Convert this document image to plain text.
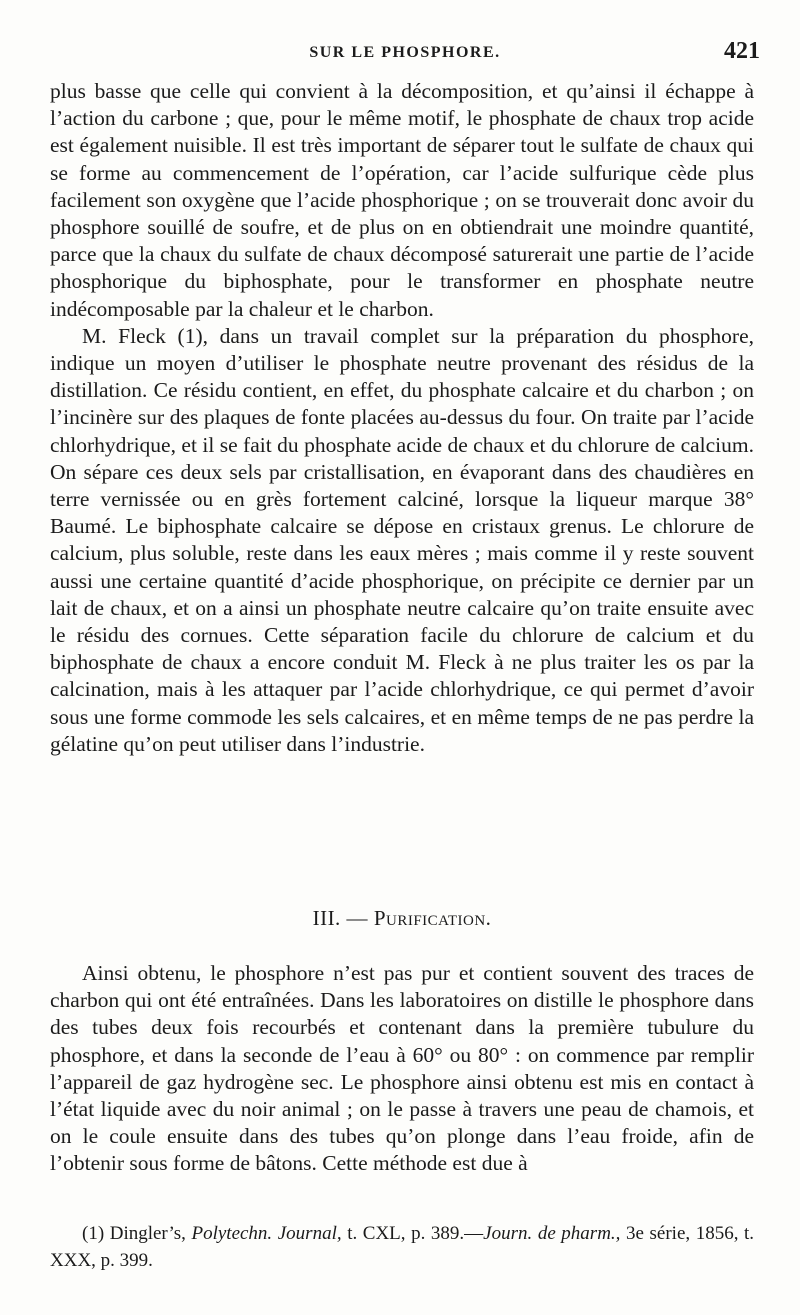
SUR LE PHOSPHORE.	421

plus basse que celle qui convient à la décomposition, et qu’ainsi il échappe à l’action du carbone ; que, pour le même motif, le phosphate de chaux trop acide est également nuisible. Il est très important de séparer tout le sulfate de chaux qui se forme au commencement de l’opération, car l’acide sulfurique cède plus facilement son oxygène que l’acide phosphorique ; on se trouverait donc avoir du phosphore souillé de soufre, et de plus on en obtiendrait une moindre quantité, parce que la chaux du sulfate de chaux décomposé saturerait une partie de l’acide phosphorique du biphosphate, pour le transformer en phosphate neutre indécomposable par la chaleur et le charbon.

M. Fleck (1), dans un travail complet sur la préparation du phosphore, indique un moyen d’utiliser le phosphate neutre provenant des résidus de la distillation. Ce résidu contient, en effet, du phosphate calcaire et du charbon ; on l’incinère sur des plaques de fonte placées au-dessus du four. On traite par l’acide chlorhydrique, et il se fait du phosphate acide de chaux et du chlorure de calcium. On sépare ces deux sels par cristallisation, en évaporant dans des chaudières en terre vernissée ou en grès fortement calciné, lorsque la liqueur marque 38° Baumé. Le biphosphate calcaire se dépose en cristaux grenus. Le chlorure de calcium, plus soluble, reste dans les eaux mères ; mais comme il y reste souvent aussi une certaine quantité d’acide phosphorique, on précipite ce dernier par un lait de chaux, et on a ainsi un phosphate neutre calcaire qu’on traite ensuite avec le résidu des cornues. Cette séparation facile du chlorure de calcium et du biphosphate de chaux a encore conduit M. Fleck à ne plus traiter les os par la calcination, mais à les attaquer par l’acide chlorhydrique, ce qui permet d’avoir sous une forme commode les sels calcaires, et en même temps de ne pas perdre la gélatine qu’on peut utiliser dans l’industrie.

III. — Purification.

Ainsi obtenu, le phosphore n’est pas pur et contient souvent des traces de charbon qui ont été entraînées. Dans les laboratoires on distille le phosphore dans des tubes deux fois recourbés et contenant dans la première tubulure du phosphore, et dans la seconde de l’eau à 60° ou 80° : on commence par remplir l’appareil de gaz hydrogène sec. Le phosphore ainsi obtenu est mis en contact à l’état liquide avec du noir animal ; on le passe à travers une peau de chamois, et on le coule ensuite dans des tubes qu’on plonge dans l’eau froide, afin de l’obtenir sous forme de bâtons. Cette méthode est due à

(1) Dingler’s, Polytechn. Journal, t. CXL, p. 389.—Journ. de pharm., 3e série, 1856, t. XXX, p. 399.
